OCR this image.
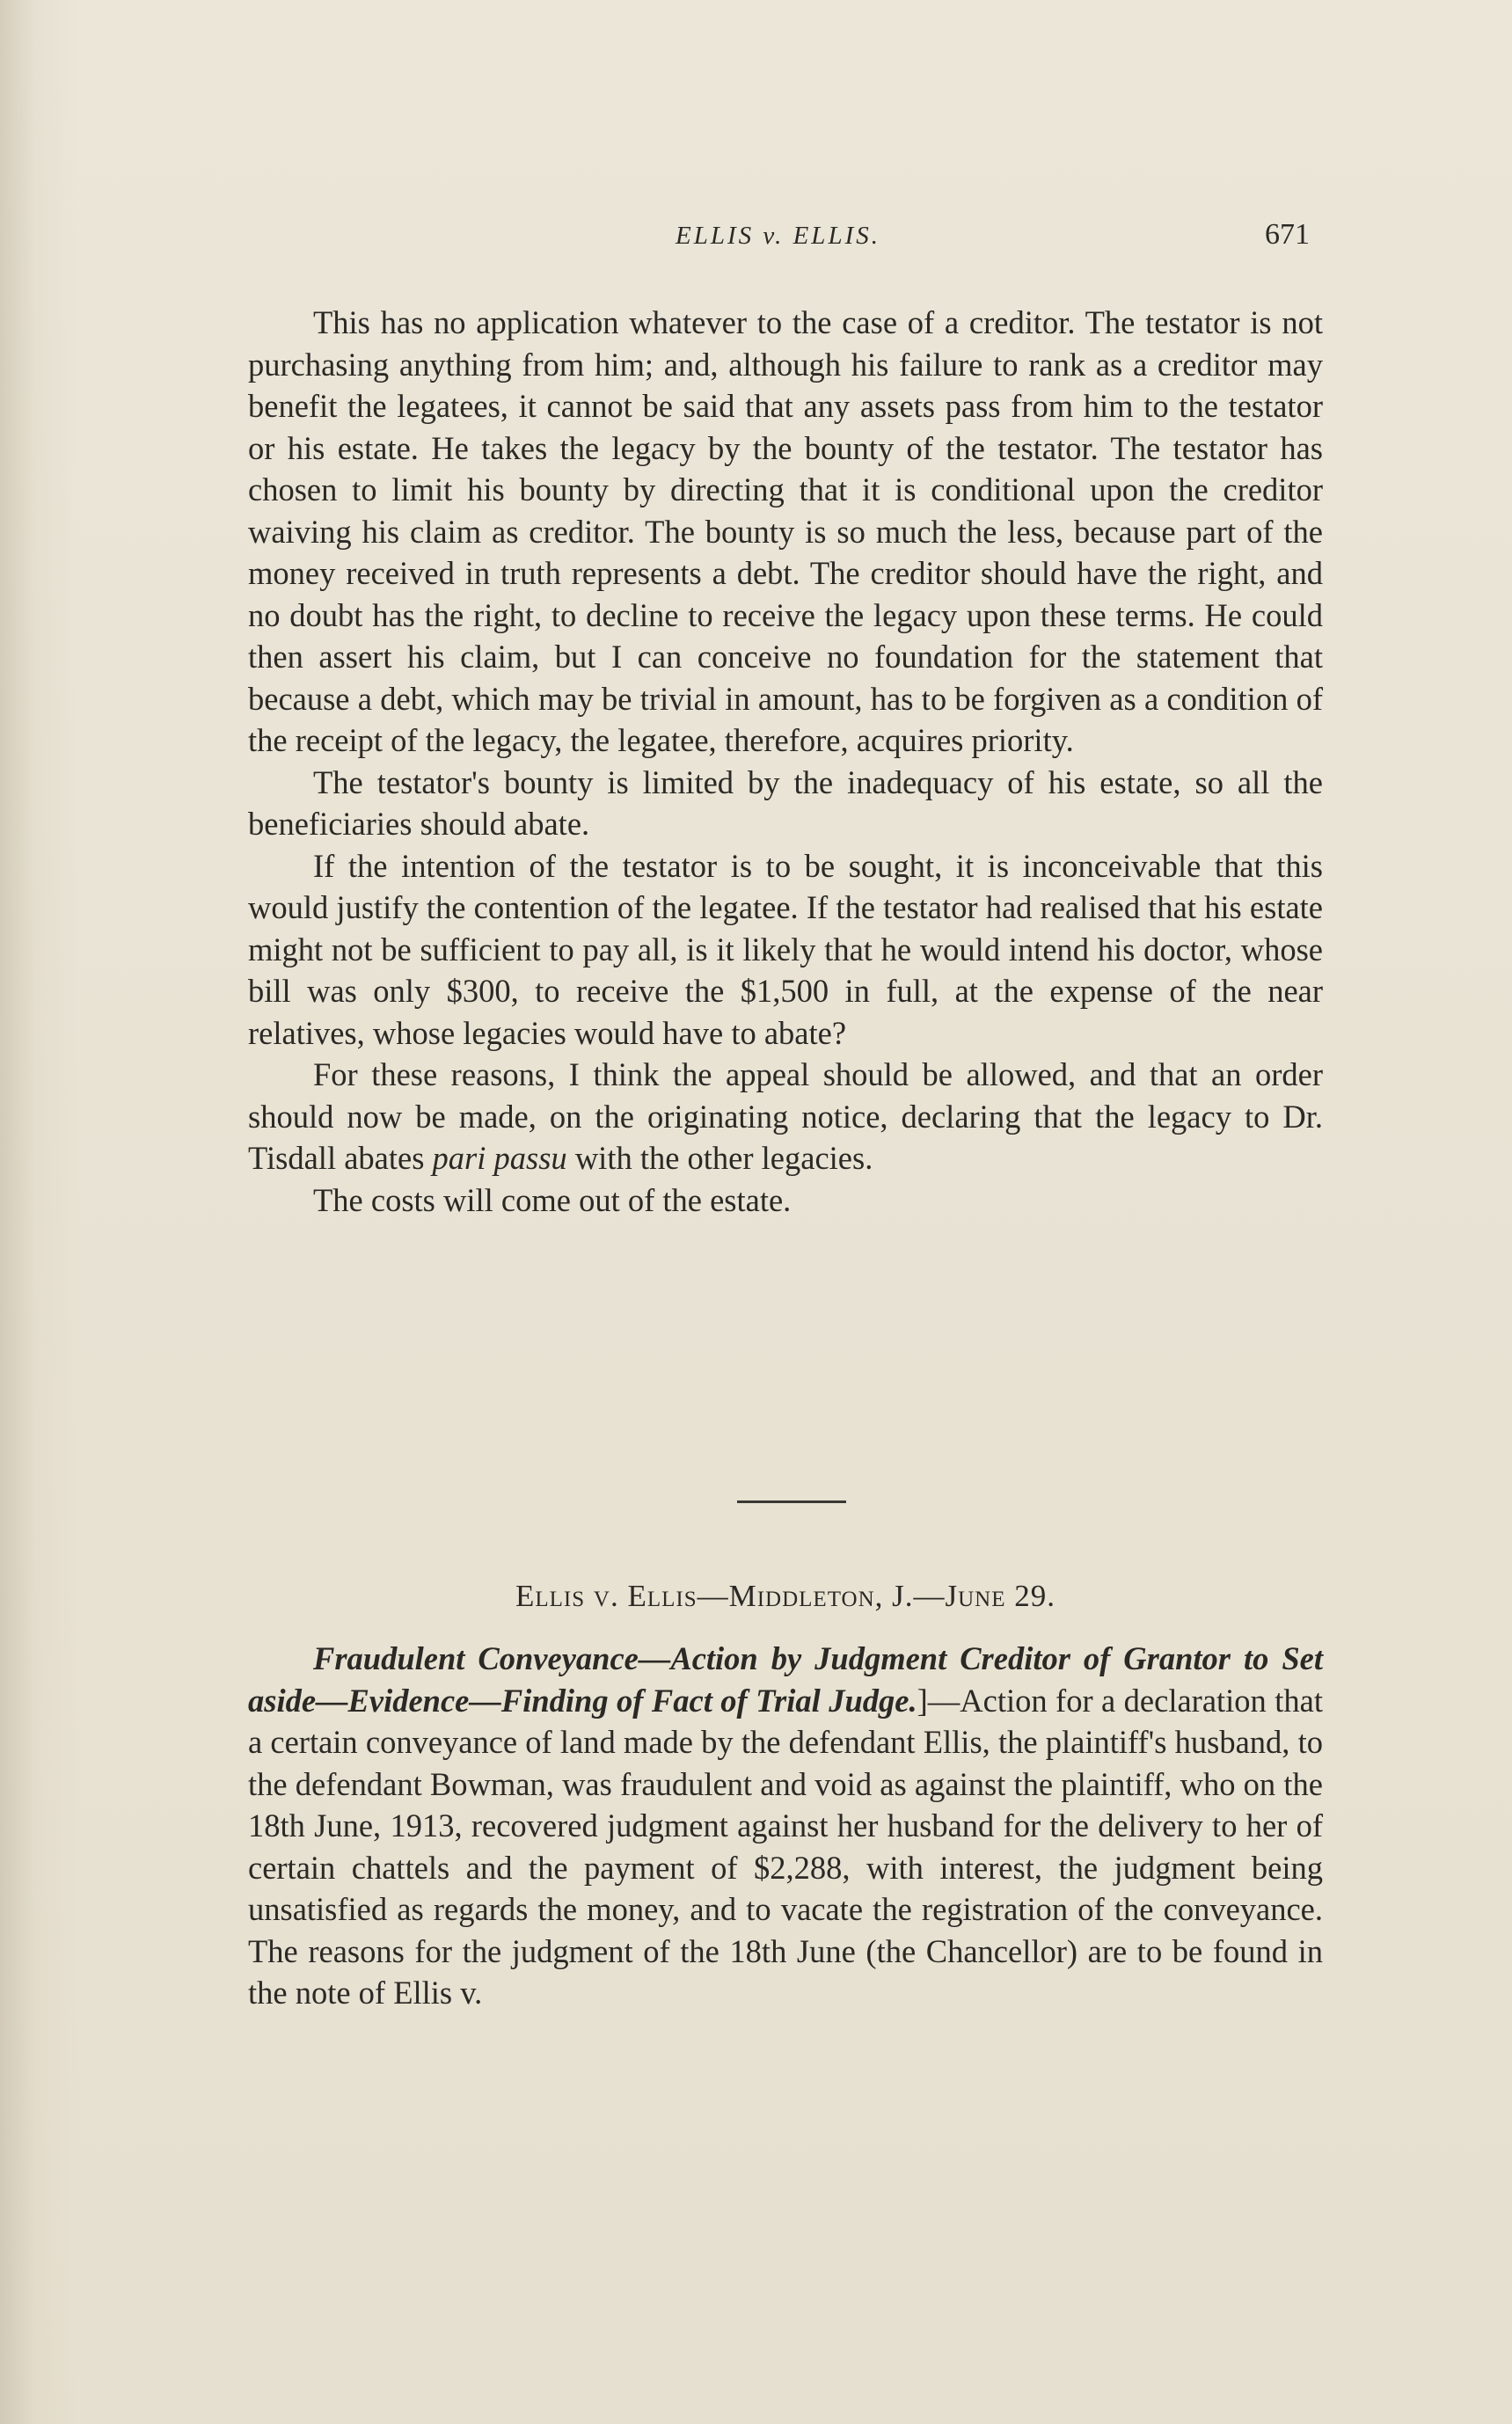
ELLIS v. ELLIS.	671

This has no application whatever to the case of a creditor. The testator is not purchasing anything from him; and, although his failure to rank as a creditor may benefit the legatees, it cannot be said that any assets pass from him to the testator or his estate. He takes the legacy by the bounty of the testator. The testator has chosen to limit his bounty by directing that it is conditional upon the creditor waiving his claim as creditor. The bounty is so much the less, because part of the money received in truth represents a debt. The creditor should have the right, and no doubt has the right, to decline to receive the legacy upon these terms. He could then assert his claim, but I can conceive no foundation for the statement that because a debt, which may be trivial in amount, has to be forgiven as a condition of the receipt of the legacy, the legatee, therefore, acquires priority.

The testator's bounty is limited by the inadequacy of his estate, so all the beneficiaries should abate.

If the intention of the testator is to be sought, it is inconceivable that this would justify the contention of the legatee. If the testator had realised that his estate might not be sufficient to pay all, is it likely that he would intend his doctor, whose bill was only $300, to receive the $1,500 in full, at the expense of the near relatives, whose legacies would have to abate?

For these reasons, I think the appeal should be allowed, and that an order should now be made, on the originating notice, declaring that the legacy to Dr. Tisdall abates pari passu with the other legacies.

The costs will come out of the estate.

Ellis v. Ellis—Middleton, J.—June 29.

Fraudulent Conveyance—Action by Judgment Creditor of Grantor to Set aside—Evidence—Finding of Fact of Trial Judge.]—Action for a declaration that a certain conveyance of land made by the defendant Ellis, the plaintiff's husband, to the defendant Bowman, was fraudulent and void as against the plaintiff, who on the 18th June, 1913, recovered judgment against her husband for the delivery to her of certain chattels and the payment of $2,288, with interest, the judgment being unsatisfied as regards the money, and to vacate the registration of the conveyance. The reasons for the judgment of the 18th June (the Chancellor) are to be found in the note of Ellis v.
